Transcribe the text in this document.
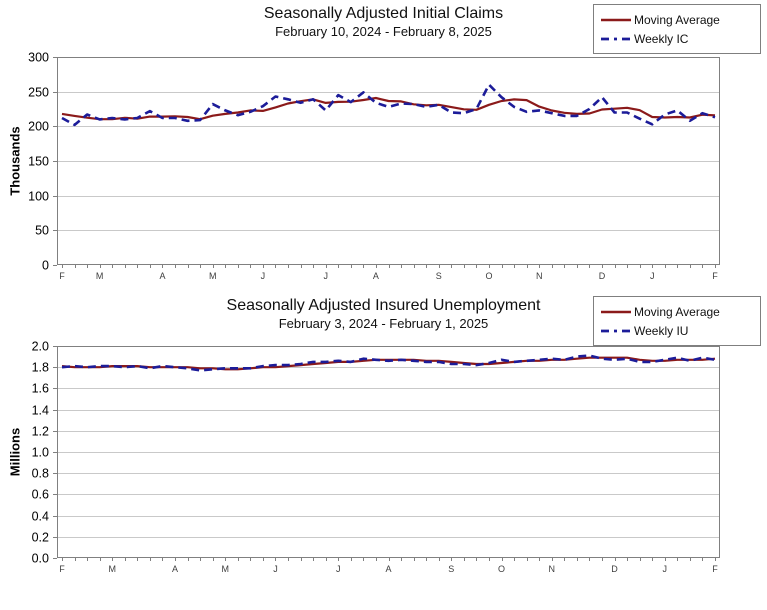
Seasonally Adjusted Initial Claims
February 10, 2024 - February 8, 2025
Moving Average
Weekly IC
Thousands
0
50
100
150
200
250
300
F	M	A	M	J	J	A	S	O	N	D	J	F
Seasonally Adjusted Insured Unemployment
February 3, 2024 - February 1, 2025
Moving Average
Weekly IU
Millions
0.0
0.2
0.4
0.6
0.8
1.0
1.2
1.4
1.6
1.8
2.0
F	M	A	M	J	J	A	S	O	N	D	J	F
